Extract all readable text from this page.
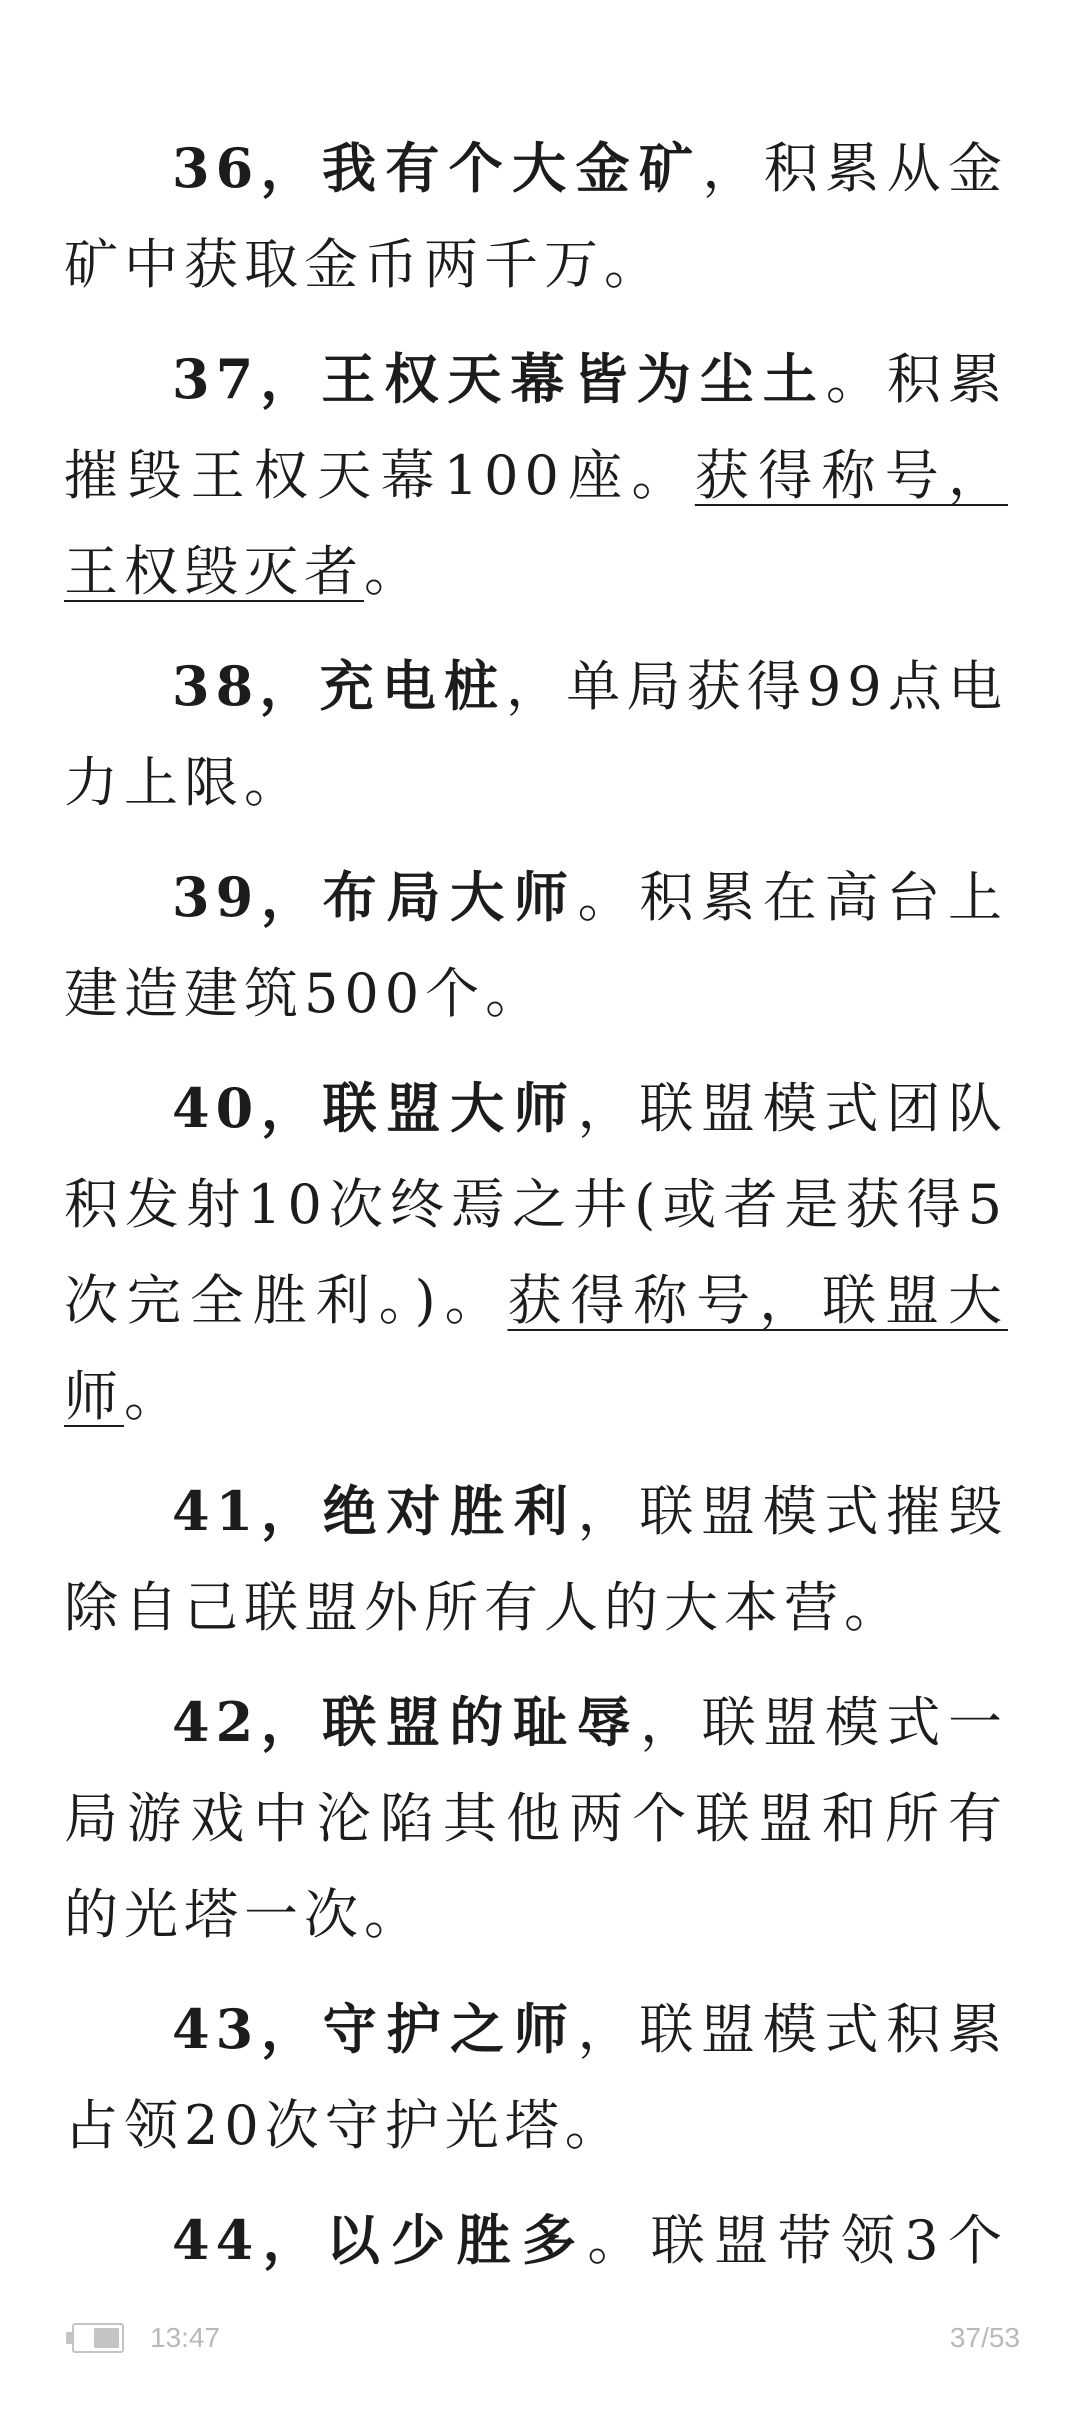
36，我有个大金矿，积累从金矿中获取金币两千万。

37，王权天幕皆为尘土。积累摧毁王权天幕100座。获得称号，王权毁灭者。

38，充电桩，单局获得99点电力上限。

39，布局大师。积累在高台上建造建筑500个。

40，联盟大师，联盟模式团队积发射10次终焉之井(或者是获得5次完全胜利。)。获得称号，联盟大师。

41，绝对胜利，联盟模式摧毁除自己联盟外所有人的大本营。

42，联盟的耻辱，联盟模式一局游戏中沦陷其他两个联盟和所有的光塔一次。

43，守护之师，联盟模式积累占领20次守护光塔。

44，以少胜多。联盟带领3个

13:47	37/53
